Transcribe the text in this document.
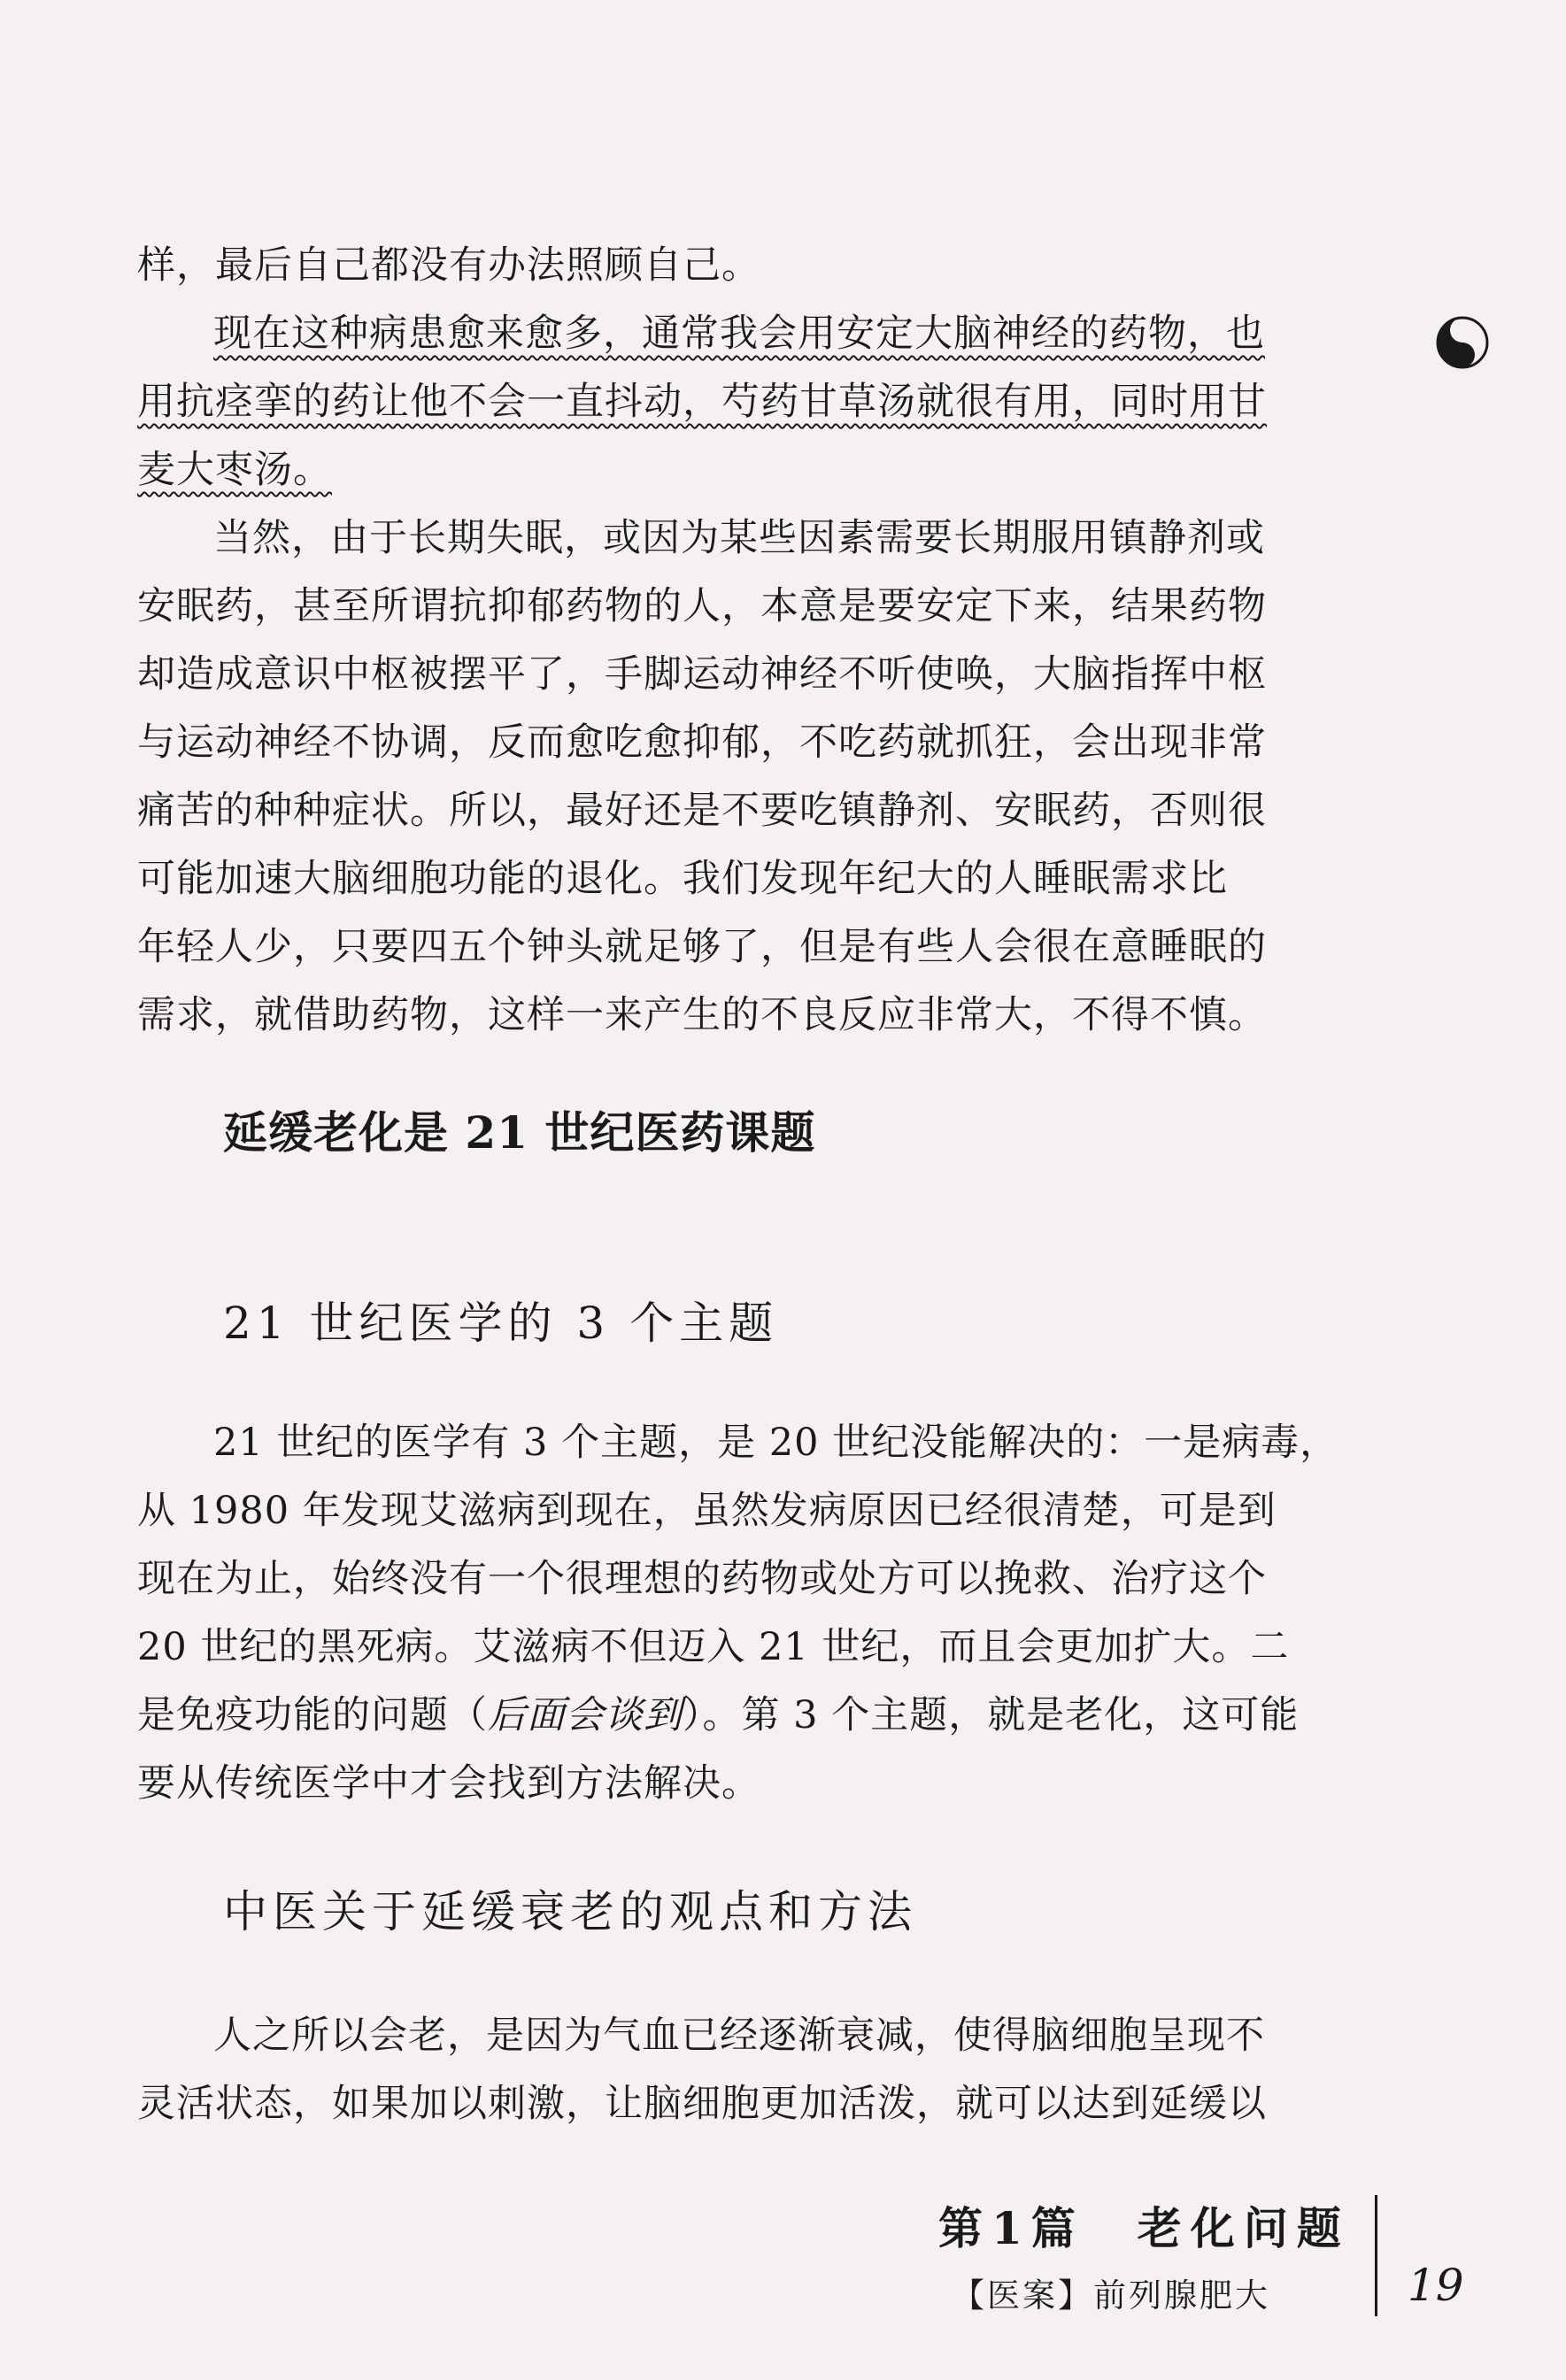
样，最后自己都没有办法照顾自己。
现在这种病患愈来愈多，通常我会用安定大脑神经的药物，也
用抗痉挛的药让他不会一直抖动，芍药甘草汤就很有用，同时用甘
麦大枣汤。
当然，由于长期失眠，或因为某些因素需要长期服用镇静剂或
安眠药，甚至所谓抗抑郁药物的人，本意是要安定下来，结果药物
却造成意识中枢被摆平了，手脚运动神经不听使唤，大脑指挥中枢
与运动神经不协调，反而愈吃愈抑郁，不吃药就抓狂，会出现非常
痛苦的种种症状。所以，最好还是不要吃镇静剂、安眠药，否则很
可能加速大脑细胞功能的退化。我们发现年纪大的人睡眠需求比
年轻人少，只要四五个钟头就足够了，但是有些人会很在意睡眠的
需求，就借助药物，这样一来产生的不良反应非常大，不得不慎。
延缓老化是 21 世纪医药课题
21 世纪医学的 3 个主题
21 世纪的医学有 3 个主题，是 20 世纪没能解决的：一是病毒，
从 1980 年发现艾滋病到现在，虽然发病原因已经很清楚，可是到
现在为止，始终没有一个很理想的药物或处方可以挽救、治疗这个
20 世纪的黑死病。艾滋病不但迈入 21 世纪，而且会更加扩大。二
是免疫功能的问题（后面会谈到）。第 3 个主题，就是老化，这可能
要从传统医学中才会找到方法解决。
中医关于延缓衰老的观点和方法
人之所以会老，是因为气血已经逐渐衰减，使得脑细胞呈现不
灵活状态，如果加以刺激，让脑细胞更加活泼，就可以达到延缓以
第1篇　老化问题
【医案】前列腺肥大	19
